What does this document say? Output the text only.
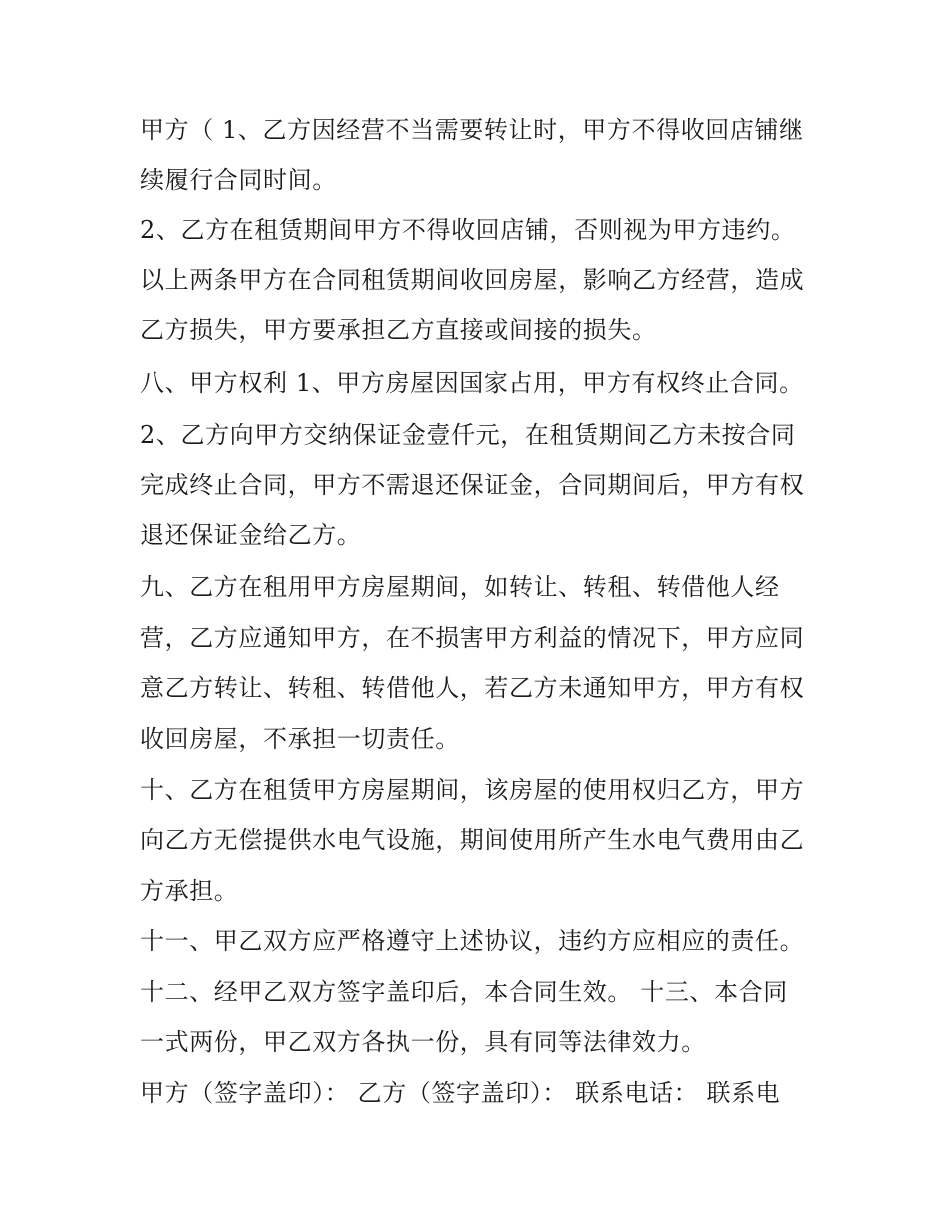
甲方（ 1、乙方因经营不当需要转让时，甲方不得收回店铺继
续履行合同时间。
2、乙方在租赁期间甲方不得收回店铺，否则视为甲方违约。
以上两条甲方在合同租赁期间收回房屋，影响乙方经营，造成
乙方损失，甲方要承担乙方直接或间接的损失。
八、甲方权利 1、甲方房屋因国家占用，甲方有权终止合同。
2、乙方向甲方交纳保证金壹仟元，在租赁期间乙方未按合同
完成终止合同，甲方不需退还保证金，合同期间后，甲方有权
退还保证金给乙方。
九、乙方在租用甲方房屋期间，如转让、转租、转借他人经
营，乙方应通知甲方，在不损害甲方利益的情况下，甲方应同
意乙方转让、转租、转借他人，若乙方未通知甲方，甲方有权
收回房屋，不承担一切责任。
十、乙方在租赁甲方房屋期间，该房屋的使用权归乙方，甲方
向乙方无偿提供水电气设施，期间使用所产生水电气费用由乙
方承担。
十一、甲乙双方应严格遵守上述协议，违约方应相应的责任。
十二、经甲乙双方签字盖印后，本合同生效。 十三、本合同
一式两份，甲乙双方各执一份，具有同等法律效力。
甲方（签字盖印）： 乙方（签字盖印）： 联系电话： 联系电
